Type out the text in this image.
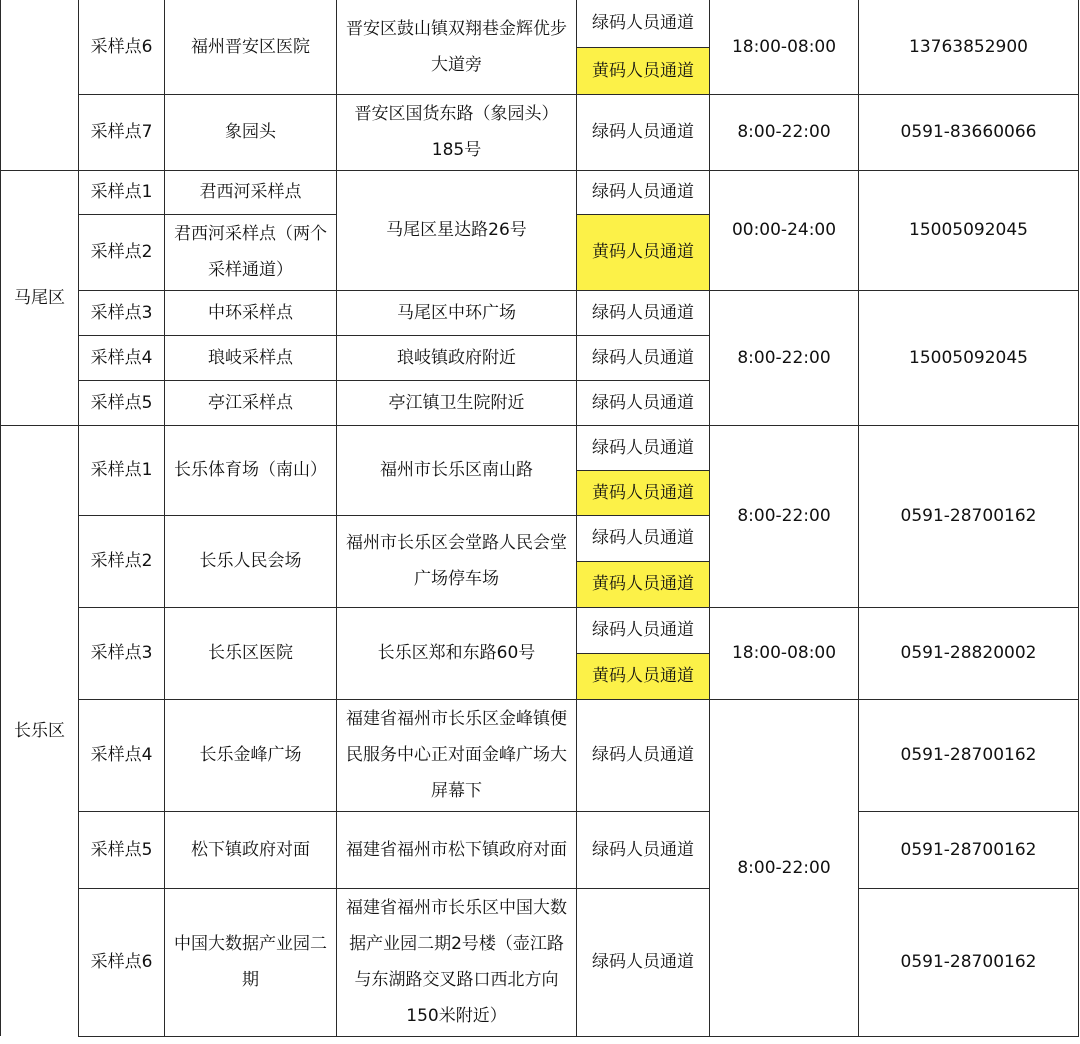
	采样点6	福州晋安区医院	晋安区鼓山镇双翔巷金辉优步大道旁	绿码人员通道	18:00-08:00	13763852900
				黄码人员通道		
	采样点7	象园头	晋安区国货东路（象园头）185号	绿码人员通道	8:00-22:00	0591-83660066
马尾区	采样点1	君西河采样点	马尾区星达路26号	绿码人员通道	00:00-24:00	15005092045
	采样点2	君西河采样点（两个采样通道）		黄码人员通道		
	采样点3	中环采样点	马尾区中环广场	绿码人员通道	8:00-22:00	15005092045
	采样点4	琅岐采样点	琅岐镇政府附近	绿码人员通道		
	采样点5	亭江采样点	亭江镇卫生院附近	绿码人员通道		
长乐区	采样点1	长乐体育场（南山）	福州市长乐区南山路	绿码人员通道	8:00-22:00	0591-28700162
				黄码人员通道		
	采样点2	长乐人民会场	福州市长乐区会堂路人民会堂广场停车场	绿码人员通道		
				黄码人员通道		
	采样点3	长乐区医院	长乐区郑和东路60号	绿码人员通道	18:00-08:00	0591-28820002
				黄码人员通道		
	采样点4	长乐金峰广场	福建省福州市长乐区金峰镇便民服务中心正对面金峰广场大屏幕下	绿码人员通道	8:00-22:00	0591-28700162
	采样点5	松下镇政府对面	福建省福州市松下镇政府对面	绿码人员通道		0591-28700162
	采样点6	中国大数据产业园二期	福建省福州市长乐区中国大数据产业园二期2号楼（壶江路与东湖路交叉路口西北方向150米附近）	绿码人员通道		0591-28700162
